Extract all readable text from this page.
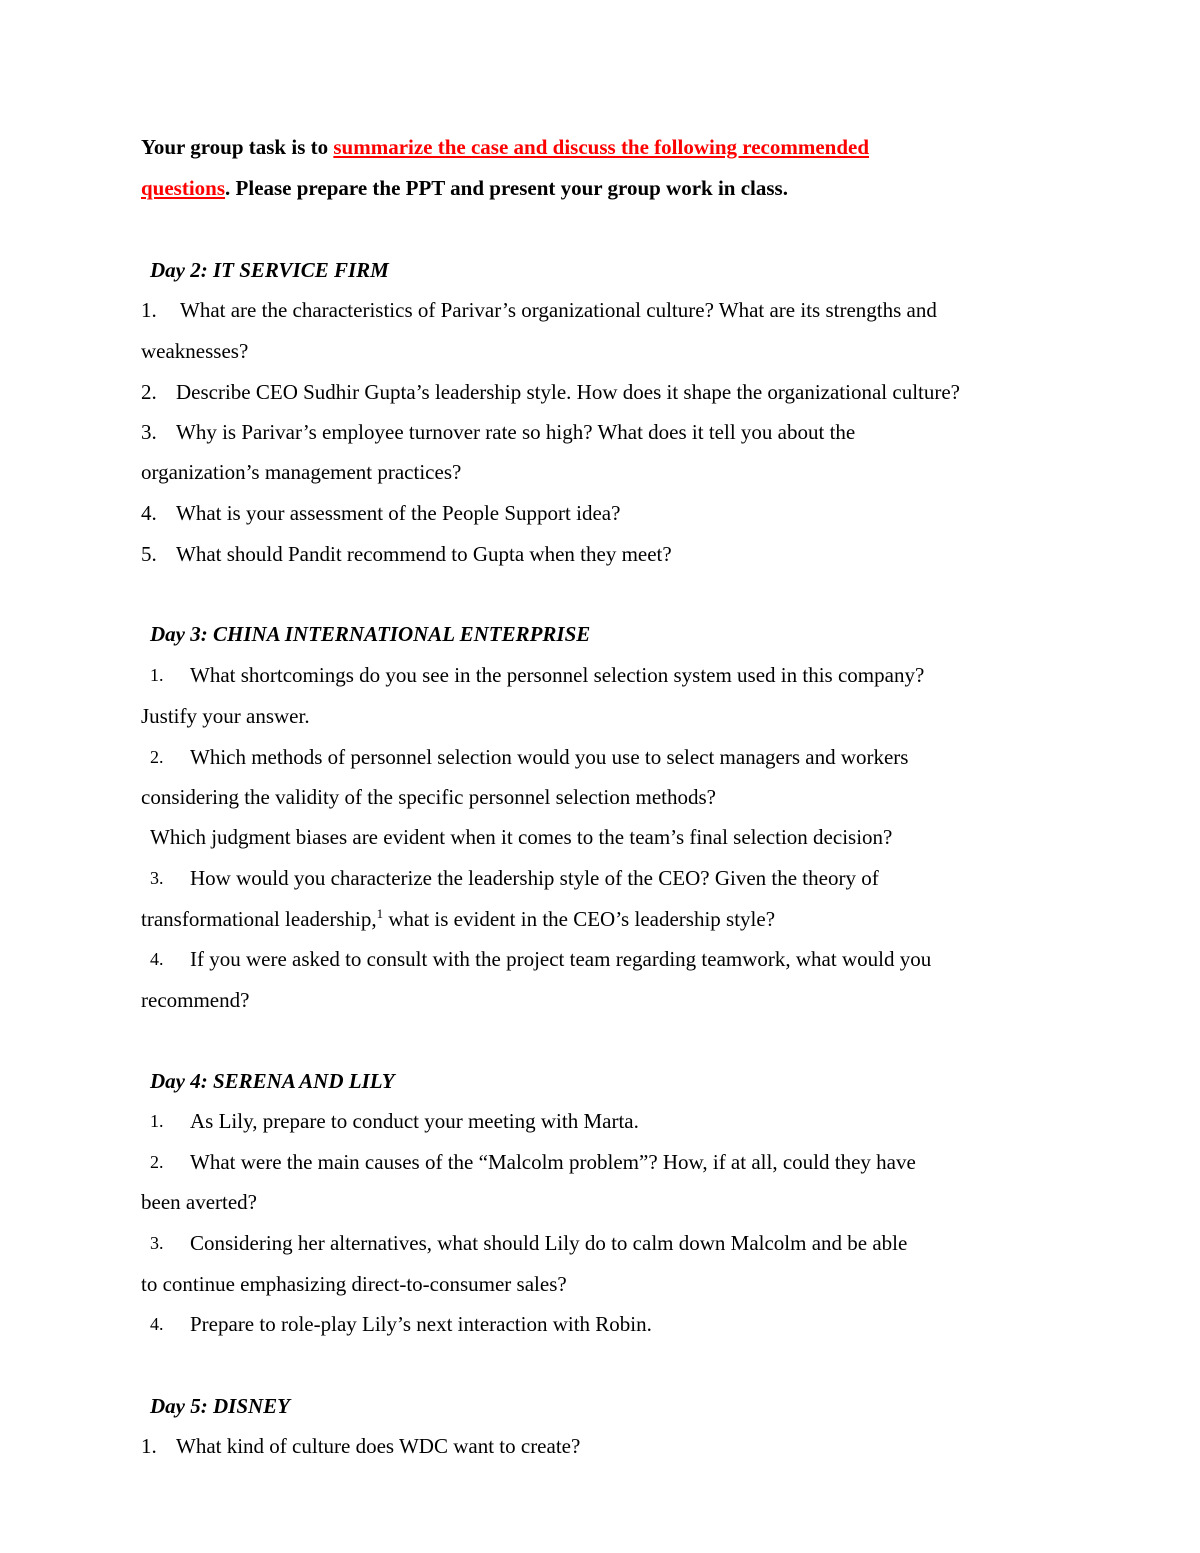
Your group task is to summarize the case and discuss the following recommended
questions. Please prepare the PPT and present your group work in class.
Day 2: IT SERVICE FIRM
1. What are the characteristics of Parivar’s organizational culture? What are its strengths and
weaknesses?
2. Describe CEO Sudhir Gupta’s leadership style. How does it shape the organizational culture?
3. Why is Parivar’s employee turnover rate so high? What does it tell you about the
organization’s management practices?
4. What is your assessment of the People Support idea?
5. What should Pandit recommend to Gupta when they meet?
Day 3: CHINA INTERNATIONAL ENTERPRISE
1. What shortcomings do you see in the personnel selection system used in this company?
Justify your answer.
2. Which methods of personnel selection would you use to select managers and workers
considering the validity of the specific personnel selection methods?
Which judgment biases are evident when it comes to the team’s final selection decision?
3. How would you characterize the leadership style of the CEO? Given the theory of
transformational leadership,$^1$ what is evident in the CEO’s leadership style?
4. If you were asked to consult with the project team regarding teamwork, what would you
recommend?
Day 4: SERENA AND LILY
1. As Lily, prepare to conduct your meeting with Marta.
2. What were the main causes of the “Malcolm problem”? How, if at all, could they have
been averted?
3. Considering her alternatives, what should Lily do to calm down Malcolm and be able
to continue emphasizing direct-to-consumer sales?
4. Prepare to role-play Lily’s next interaction with Robin.
Day 5: DISNEY
1. What kind of culture does WDC want to create?
